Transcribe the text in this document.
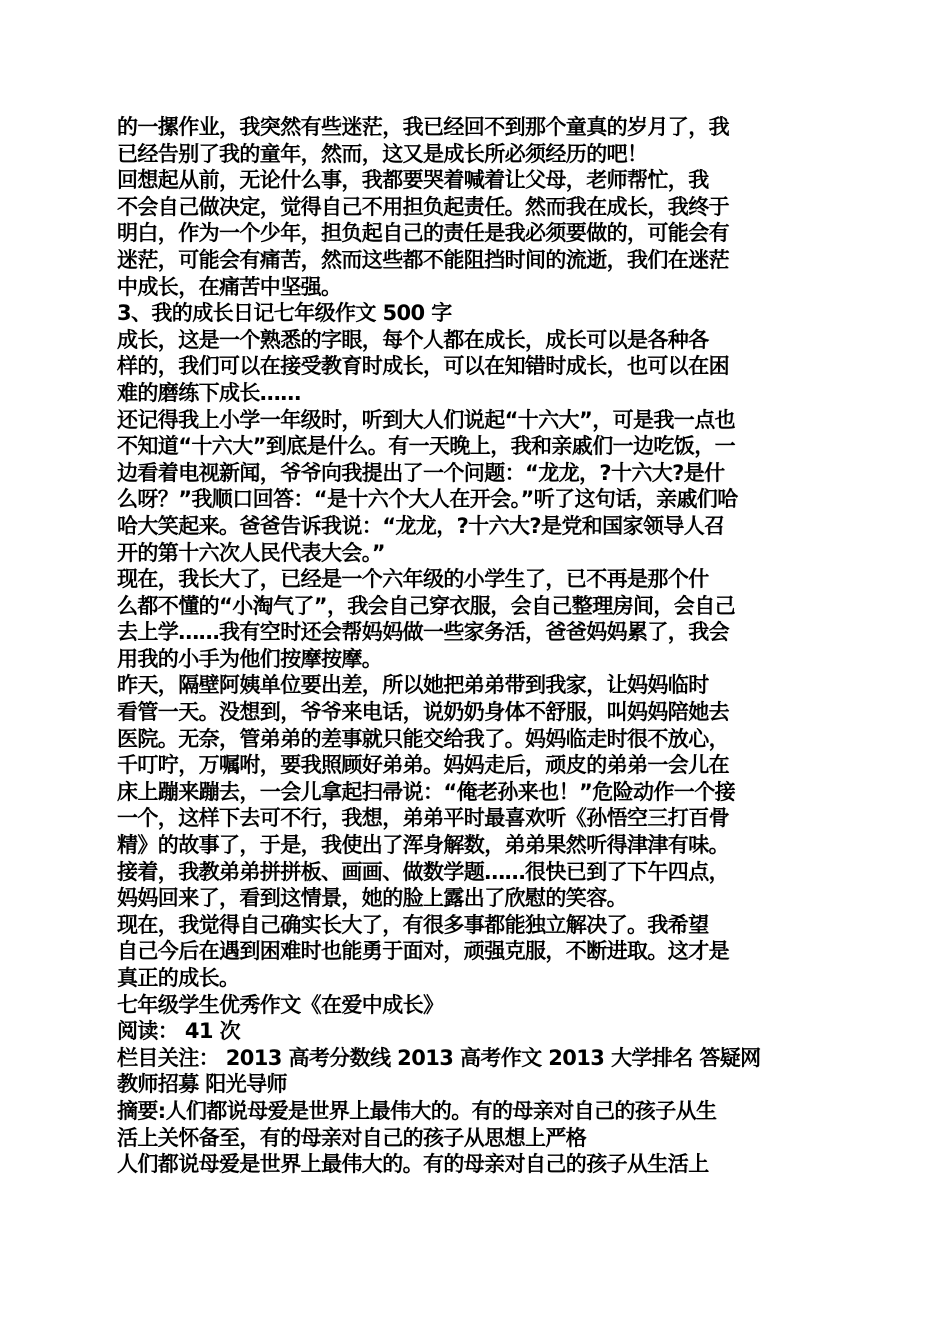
的一摞作业，我突然有些迷茫，我已经回不到那个童真的岁月了，我
已经告别了我的童年，然而，这又是成长所必须经历的吧！
回想起从前，无论什么事，我都要哭着喊着让父母，老师帮忙，我
不会自己做决定，觉得自己不用担负起责任。然而我在成长，我终于
明白，作为一个少年，担负起自己的责任是我必须要做的，可能会有
迷茫，可能会有痛苦，然而这些都不能阻挡时间的流逝，我们在迷茫
中成长，在痛苦中坚强。
3、我的成长日记七年级作文 500 字
成长，这是一个熟悉的字眼，每个人都在成长，成长可以是各种各
样的，我们可以在接受教育时成长，可以在知错时成长，也可以在困
难的磨练下成长……
还记得我上小学一年级时，听到大人们说起“十六大”，可是我一点也
不知道“十六大”到底是什么。有一天晚上，我和亲戚们一边吃饭，一
边看着电视新闻，爷爷向我提出了一个问题：“龙龙，?十六大?是什
么呀？”我顺口回答：“是十六个大人在开会。”听了这句话，亲戚们哈
哈大笑起来。爸爸告诉我说：“龙龙，?十六大?是党和国家领导人召
开的第十六次人民代表大会。”
现在，我长大了，已经是一个六年级的小学生了，已不再是那个什
么都不懂的“小淘气了”，我会自己穿衣服，会自己整理房间，会自己
去上学……我有空时还会帮妈妈做一些家务活，爸爸妈妈累了，我会
用我的小手为他们按摩按摩。
昨天，隔壁阿姨单位要出差，所以她把弟弟带到我家，让妈妈临时
看管一天。没想到，爷爷来电话，说奶奶身体不舒服，叫妈妈陪她去
医院。无奈，管弟弟的差事就只能交给我了。妈妈临走时很不放心，
千叮咛，万嘱咐，要我照顾好弟弟。妈妈走后，顽皮的弟弟一会儿在
床上蹦来蹦去，一会儿拿起扫帚说：“俺老孙来也！”危险动作一个接
一个，这样下去可不行，我想，弟弟平时最喜欢听《孙悟空三打百骨
精》的故事了，于是，我使出了浑身解数，弟弟果然听得津津有味。
接着，我教弟弟拼拼板、画画、做数学题……很快已到了下午四点，
妈妈回来了，看到这情景，她的脸上露出了欣慰的笑容。
现在，我觉得自己确实长大了，有很多事都能独立解决了。我希望
自己今后在遇到困难时也能勇于面对，顽强克服，不断进取。这才是
真正的成长。
七年级学生优秀作文《在爱中成长》
阅读： 41 次
栏目关注： 2013 高考分数线 2013 高考作文 2013 大学排名 答疑网
教师招募 阳光导师
摘要:人们都说母爱是世界上最伟大的。有的母亲对自己的孩子从生
活上关怀备至，有的母亲对自己的孩子从思想上严格
人们都说母爱是世界上最伟大的。有的母亲对自己的孩子从生活上
